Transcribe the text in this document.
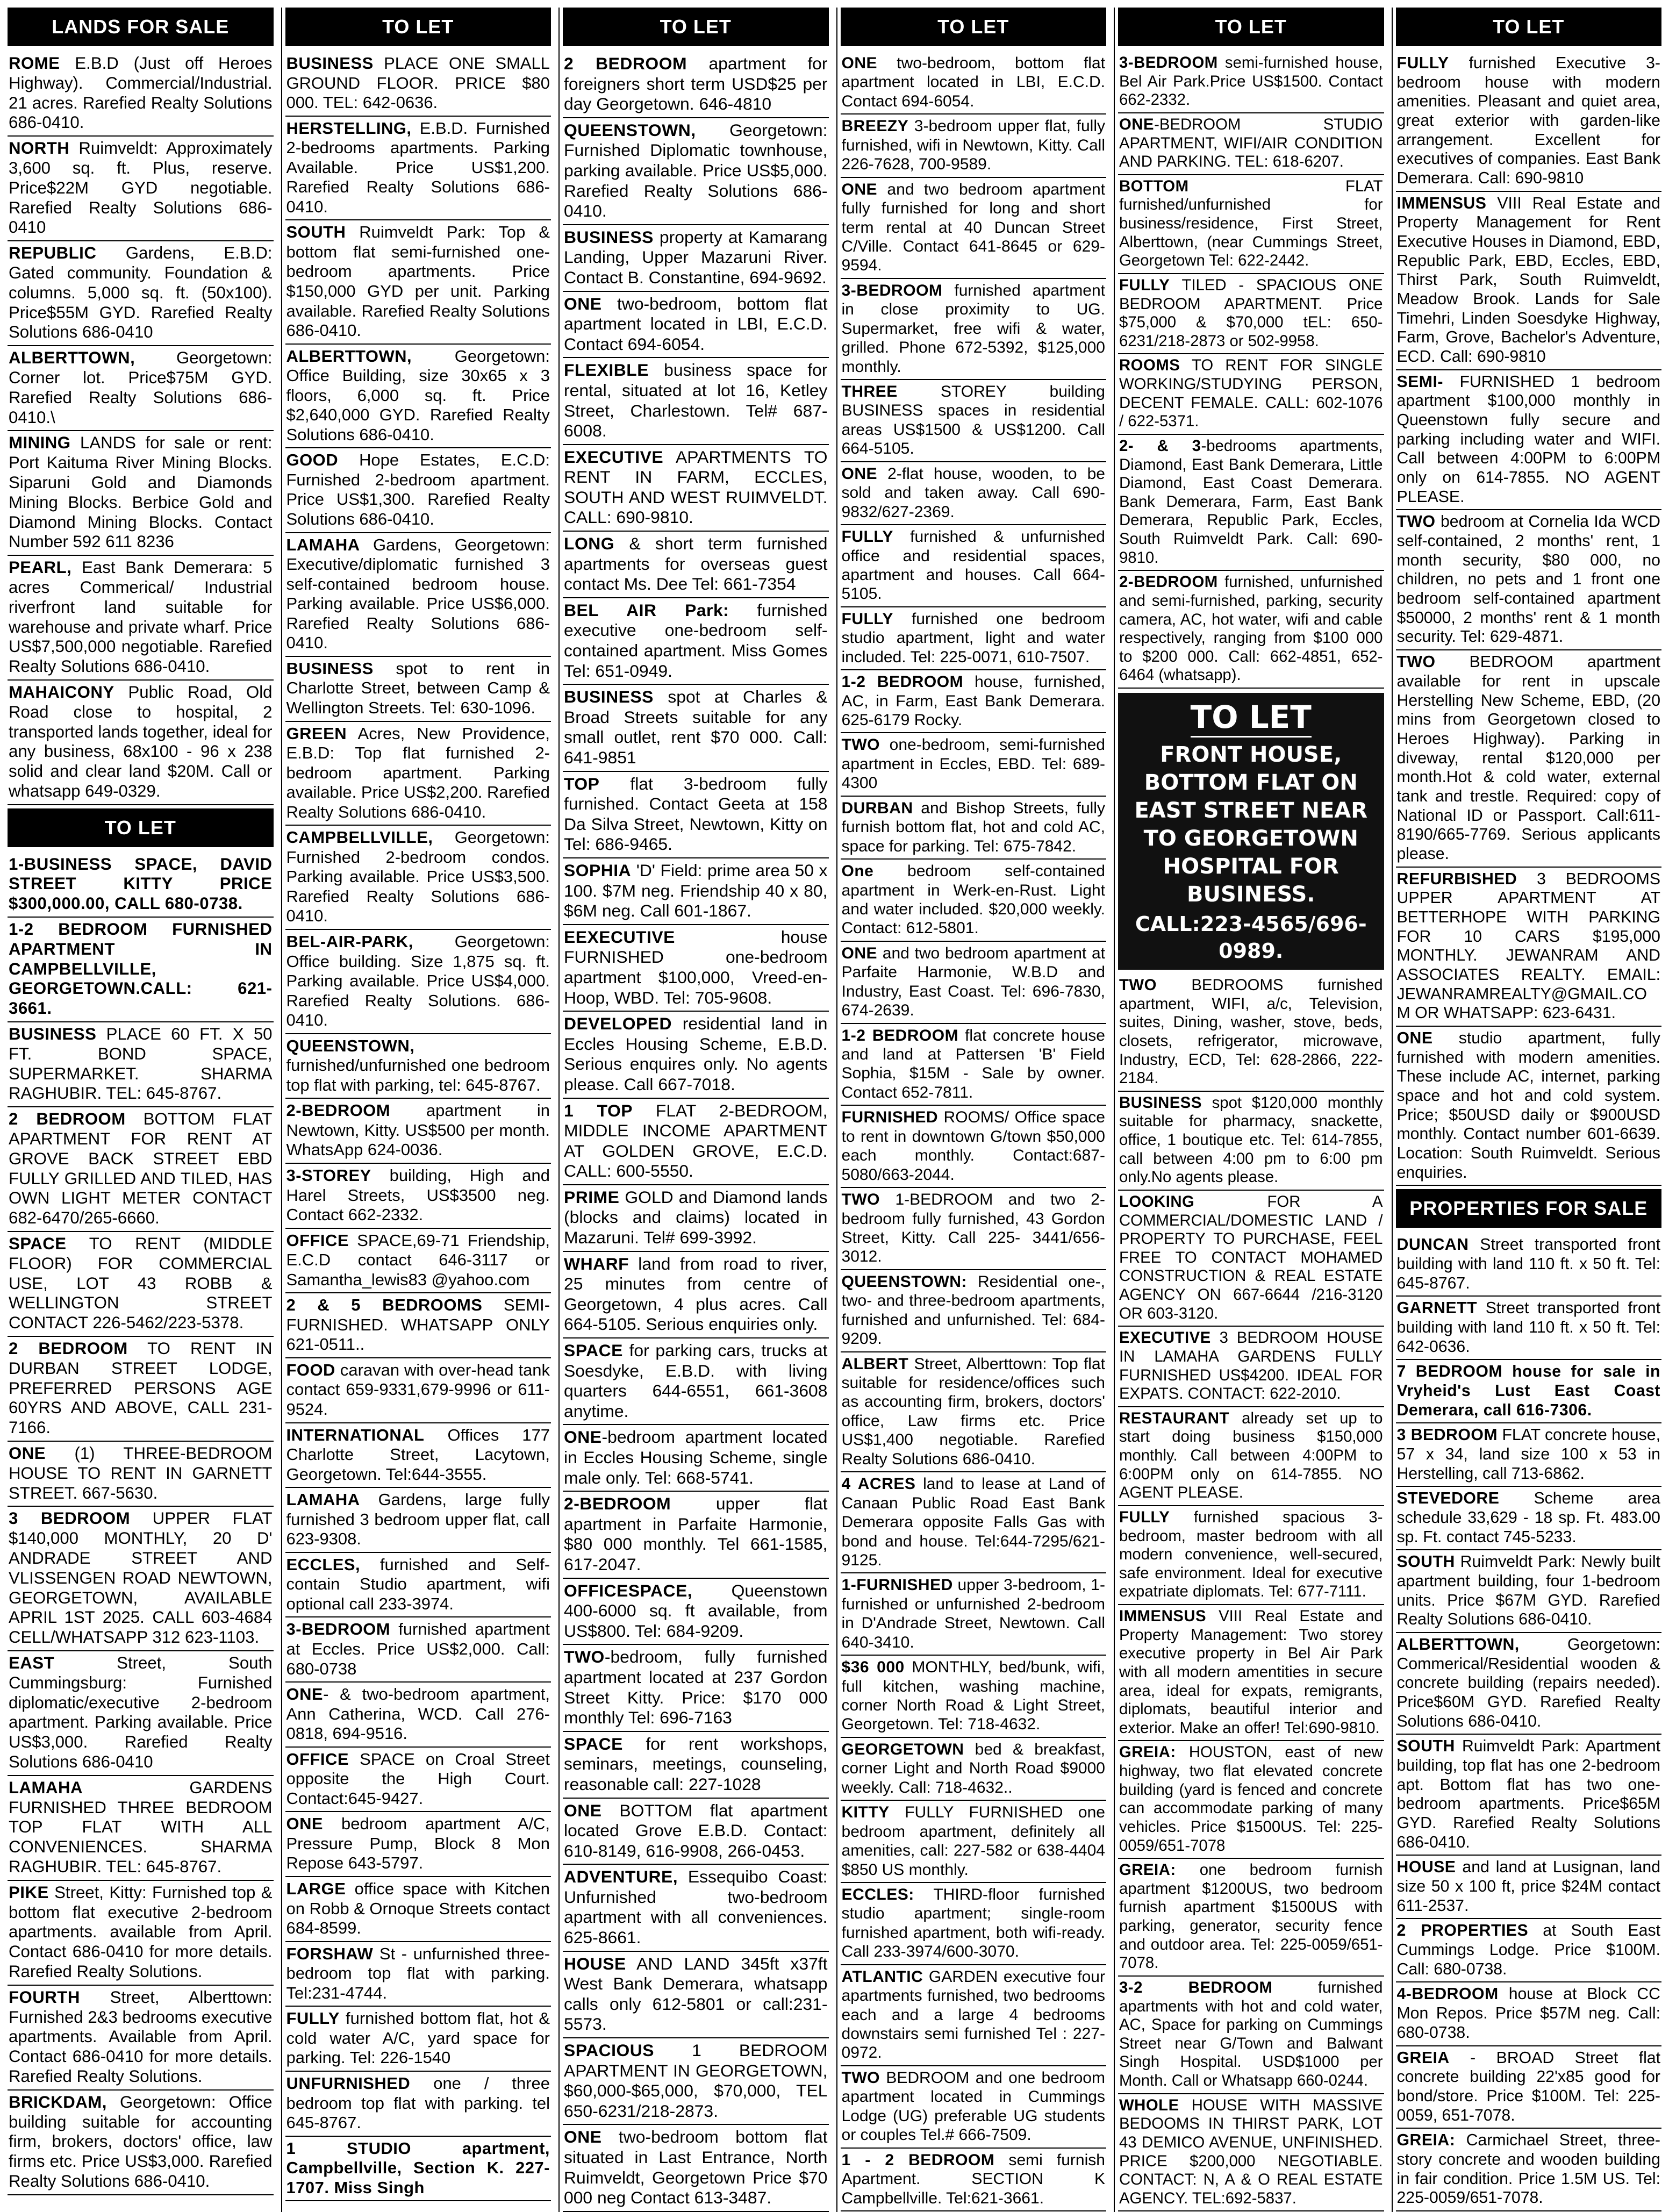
LANDS FOR SALE
ROME E.B.D (Just off Heroes Highway). Commercial/Industrial. 21 acres. Rarefied Realty Solutions 686-0410.
NORTH Ruimveldt: Approximately 3,600 sq. ft. Plus, reserve. Price$22M GYD negotiable. Rarefied Realty Solutions 686-0410
REPUBLIC Gardens, E.B.D: Gated community. Foundation & columns. 5,000 sq. ft. (50x100). Price$55M GYD. Rarefied Realty Solutions 686-0410
ALBERTTOWN, Georgetown: Corner lot. Price$75M GYD. Rarefied Realty Solutions 686-0410.\
MINING LANDS for sale or rent: Port Kaituma River Mining Blocks. Siparuni Gold and Diamonds Mining Blocks. Berbice Gold and Diamond Mining Blocks. Contact Number 592 611 8236
PEARL, East Bank Demerara: 5 acres Commerical/ Industrial riverfront land suitable for warehouse and private wharf. Price US$7,500,000 negotiable. Rarefied Realty Solutions 686-0410.
MAHAICONY Public Road, Old Road close to hospital, 2 transported lands together, ideal for any business, 68x100 - 96 x 238 solid and clear land $20M. Call or whatsapp 649-0329.
TO LET
1-BUSINESS SPACE, DAVID STREET KITTY PRICE $300,000.00, CALL 680-0738.
1-2 BEDROOM FURNISHED APARTMENT IN CAMPBELLVILLE, GEORGETOWN.CALL: 621-3661.
BUSINESS PLACE 60 FT. X 50 FT. BOND SPACE, SUPERMARKET. SHARMA RAGHUBIR. TEL: 645-8767.
2 BEDROOM BOTTOM FLAT APARTMENT FOR RENT AT GROVE BACK STREET EBD FULLY GRILLED AND TILED, HAS OWN LIGHT METER CONTACT 682-6470/265-6660.
SPACE TO RENT (MIDDLE FLOOR) FOR COMMERCIAL USE, LOT 43 ROBB & WELLINGTON STREET CONTACT 226-5462/223-5378.
2 BEDROOM TO RENT IN DURBAN STREET LODGE, PREFERRED PERSONS AGE 60YRS AND ABOVE, CALL 231-7166.
ONE (1) THREE-BEDROOM HOUSE TO RENT IN GARNETT STREET. 667-5630.
3 BEDROOM UPPER FLAT $140,000 MONTHLY, 20 D' ANDRADE STREET AND VLISSENGEN ROAD NEWTOWN, GEORGETOWN, AVAILABLE APRIL 1ST 2025. CALL 603-4684 CELL/WHATSAPP 312 623-1103.
EAST Street, South Cummingsburg: Furnished diplomatic/executive 2-bedroom apartment. Parking available. Price US$3,000. Rarefied Realty Solutions 686-0410
LAMAHA GARDENS FURNISHED THREE BEDROOM TOP FLAT WITH ALL CONVENIENCES. SHARMA RAGHUBIR. TEL: 645-8767.
PIKE Street, Kitty: Furnished top & bottom flat executive 2-bedroom apartments. available from April. Contact 686-0410 for more details. Rarefied Realty Solutions.
FOURTH Street, Alberttown: Furnished 2&3 bedrooms executive apartments. Available from April. Contact 686-0410 for more details. Rarefied Realty Solutions.
BRICKDAM, Georgetown: Office building suitable for accounting firm, brokers, doctors' office, law firms etc. Price US$3,000. Rarefied Realty Solutions 686-0410.
TO LET
BUSINESS PLACE ONE SMALL GROUND FLOOR. PRICE $80 000. TEL: 642-0636.
HERSTELLING, E.B.D. Furnished 2-bedrooms apartments. Parking Available. Price US$1,200. Rarefied Realty Solutions 686-0410.
SOUTH Ruimveldt Park: Top & bottom flat semi-furnished one-bedroom apartments. Price $150,000 GYD per unit. Parking available. Rarefied Realty Solutions 686-0410.
ALBERTTOWN, Georgetown: Office Building, size 30x65 x 3 floors, 6,000 sq. ft. Price $2,640,000 GYD. Rarefied Realty Solutions 686-0410.
GOOD Hope Estates, E.C.D: Furnished 2-bedroom apartment. Price US$1,300. Rarefied Realty Solutions 686-0410.
LAMAHA Gardens, Georgetown: Executive/diplomatic furnished 3 self-contained bedroom house. Parking available. Price US$6,000. Rarefied Realty Solutions 686-0410.
BUSINESS spot to rent in Charlotte Street, between Camp & Wellington Streets. Tel: 630-1096.
GREEN Acres, New Providence, E.B.D: Top flat furnished 2-bedroom apartment. Parking available. Price US$2,200. Rarefied Realty Solutions 686-0410.
CAMPBELLVILLE, Georgetown: Furnished 2-bedroom condos. Parking available. Price US$3,500. Rarefied Realty Solutions 686-0410.
BEL-AIR-PARK, Georgetown: Office building. Size 1,875 sq. ft. Parking available. Price US$4,000. Rarefied Realty Solutions. 686-0410.
QUEENSTOWN, furnished/unfurnished one bedroom top flat with parking, tel: 645-8767.
2-BEDROOM apartment in Newtown, Kitty. US$500 per month. WhatsApp 624-0036.
3-STOREY building, High and Harel Streets, US$3500 neg. Contact 662-2332.
OFFICE SPACE,69-71 Friendship, E.C.D contact 646-3117 or Samantha_lewis83 @yahoo.com
2 & 5 BEDROOMS SEMI-FURNISHED. WHATSAPP ONLY 621-0511..
FOOD caravan with over-head tank contact 659-9331,679-9996 or 611-9524.
INTERNATIONAL Offices 177 Charlotte Street, Lacytown, Georgetown. Tel:644-3555.
LAMAHA Gardens, large fully furnished 3 bedroom upper flat, call 623-9308.
ECCLES, furnished and Self-contain Studio apartment, wifi optional call 233-3974.
3-BEDROOM furnished apartment at Eccles. Price US$2,000. Call: 680-0738
ONE- & two-bedroom apartment, Ann Catherina, WCD. Call 276-0818, 694-9516.
OFFICE SPACE on Croal Street opposite the High Court. Contact:645-9427.
ONE bedroom apartment A/C, Pressure Pump, Block 8 Mon Repose 643-5797.
LARGE office space with Kitchen on Robb & Ornoque Streets contact 684-8599.
FORSHAW St - unfurnished three-bedroom top flat with parking. Tel:231-4744.
FULLY furnished bottom flat, hot & cold water A/C, yard space for parking. Tel: 226-1540
UNFURNISHED one / three bedroom top flat with parking. tel 645-8767.
1 STUDIO apartment, Campbellville, Section K. 227-1707. Miss Singh
TO LET
2 BEDROOM apartment for foreigners short term USD$25 per day Georgetown. 646-4810
QUEENSTOWN, Georgetown: Furnished Diplomatic townhouse, parking available. Price US$5,000. Rarefied Realty Solutions 686-0410.
BUSINESS property at Kamarang Landing, Upper Mazaruni River. Contact B. Constantine, 694-9692.
ONE two-bedroom, bottom flat apartment located in LBI, E.C.D. Contact 694-6054.
FLEXIBLE business space for rental, situated at lot 16, Ketley Street, Charlestown. Tel# 687-6008.
EXECUTIVE APARTMENTS TO RENT IN FARM, ECCLES, SOUTH AND WEST RUIMVELDT. CALL: 690-9810.
LONG & short term furnished apartments for overseas guest contact Ms. Dee Tel: 661-7354
BEL AIR Park: furnished executive one-bedroom self-contained apartment. Miss Gomes Tel: 651-0949.
BUSINESS spot at Charles & Broad Streets suitable for any small outlet, rent $70 000. Call: 641-9851
TOP flat 3-bedroom fully furnished. Contact Geeta at 158 Da Silva Street, Newtown, Kitty on Tel: 686-9465.
SOPHIA 'D' Field: prime area 50 x 100. $7M neg. Friendship 40 x 80, $6M neg. Call 601-1867.
EEXECUTIVE house FURNISHED one-bedroom apartment $100,000, Vreed-en-Hoop, WBD. Tel: 705-9608.
DEVELOPED residential land in Eccles Housing Scheme, E.B.D. Serious enquires only. No agents please. Call 667-7018.
1 TOP FLAT 2-BEDROOM, MIDDLE INCOME APARTMENT AT GOLDEN GROVE, E.C.D. CALL: 600-5550.
PRIME GOLD and Diamond lands (blocks and claims) located in Mazaruni. Tel# 699-3992.
WHARF land from road to river, 25 minutes from centre of Georgetown, 4 plus acres. Call 664-5105. Serious enquiries only.
SPACE for parking cars, trucks at Soesdyke, E.B.D. with living quarters 644-6551, 661-3608 anytime.
ONE-bedroom apartment located in Eccles Housing Scheme, single male only. Tel: 668-5741.
2-BEDROOM upper flat apartment in Parfaite Harmonie, $80 000 monthly. Tel 661-1585, 617-2047.
OFFICESPACE, Queenstown 400-6000 sq. ft available, from US$800. Tel: 684-9209.
TWO-bedroom, fully furnished apartment located at 237 Gordon Street Kitty. Price: $170 000 monthly Tel: 696-7163
SPACE for rent workshops, seminars, meetings, counseling, reasonable call: 227-1028
ONE BOTTOM flat apartment located Grove E.B.D. Contact: 610-8149, 616-9908, 266-0453.
ADVENTURE, Essequibo Coast: Unfurnished two-bedroom apartment with all conveniences. 625-8661.
HOUSE AND LAND 345ft x37ft West Bank Demerara, whatsapp calls only 612-5801 or call:231-5573.
SPACIOUS 1 BEDROOM APARTMENT IN GEORGETOWN, $60,000-$65,000, $70,000, TEL 650-6231/218-2873.
ONE two-bedroom bottom flat situated in Last Entrance, North Ruimveldt, Georgetown Price $70 000 neg Contact 613-3487.
TO LET
ONE two-bedroom, bottom flat apartment located in LBI, E.C.D. Contact 694-6054.
BREEZY 3-bedroom upper flat, fully furnished, wifi in Newtown, Kitty. Call 226-7628, 700-9589.
ONE and two bedroom apartment fully furnished for long and short term rental at 40 Duncan Street C/Ville. Contact 641-8645 or 629-9594.
3-BEDROOM furnished apartment in close proximity to UG. Supermarket, free wifi & water, grilled. Phone 672-5392, $125,000 monthly.
THREE STOREY building BUSINESS spaces in residential areas US$1500 & US$1200. Call 664-5105.
ONE 2-flat house, wooden, to be sold and taken away. Call 690-9832/627-2369.
FULLY furnished & unfurnished office and residential spaces, apartment and houses. Call 664-5105.
FULLY furnished one bedroom studio apartment, light and water included. Tel: 225-0071, 610-7507.
1-2 BEDROOM house, furnished, AC, in Farm, East Bank Demerara. 625-6179 Rocky.
TWO one-bedroom, semi-furnished apartment in Eccles, EBD. Tel: 689-4300
DURBAN and Bishop Streets, fully furnish bottom flat, hot and cold AC, space for parking. Tel: 675-7842.
One bedroom self-contained apartment in Werk-en-Rust. Light and water included. $20,000 weekly. Contact: 612-5801.
ONE and two bedroom apartment at Parfaite Harmonie, W.B.D and Industry, East Coast. Tel: 696-7830, 674-2639.
1-2 BEDROOM flat concrete house and land at Pattersen 'B' Field Sophia, $15M - Sale by owner. Contact 652-7811.
FURNISHED ROOMS/ Office space to rent in downtown G/town $50,000 each monthly. Contact:687-5080/663-2044.
TWO 1-BEDROOM and two 2-bedroom fully furnished, 43 Gordon Street, Kitty. Call 225- 3441/656-3012.
QUEENSTOWN: Residential one-, two- and three-bedroom apartments, furnished and unfurnished. Tel: 684-9209.
ALBERT Street, Alberttown: Top flat suitable for residence/offices such as accounting firm, brokers, doctors' office, Law firms etc. Price US$1,400 negotiable. Rarefied Realty Solutions 686-0410.
4 ACRES land to lease at Land of Canaan Public Road East Bank Demerara opposite Falls Gas with bond and house. Tel:644-7295/621-9125.
1-FURNISHED upper 3-bedroom, 1-furnished or unfurnished 2-bedroom in D'Andrade Street, Newtown. Call 640-3410.
$36 000 MONTHLY, bed/bunk, wifi, full kitchen, washing machine, corner North Road & Light Street, Georgetown. Tel: 718-4632.
GEORGETOWN bed & breakfast, corner Light and North Road $9000 weekly. Call: 718-4632..
KITTY FULLY FURNISHED one bedroom apartment, definitely all amenities, call: 227-582 or 638-4404 $850 US monthly.
ECCLES: THIRD-floor furnished studio apartment; single-room furnished apartment, both wifi-ready. Call 233-3974/600-3070.
ATLANTIC GARDEN executive four apartments furnished, two bedrooms each and a large 4 bedrooms downstairs semi furnished Tel : 227-0972.
TWO BEDROOM and one bedroom apartment located in Cummings Lodge (UG) preferable UG students or couples Tel.# 666-7509.
1 - 2 BEDROOM semi furnish Apartment. SECTION K Campbellville. Tel:621-3661.
TO LET
3-BEDROOM semi-furnished house, Bel Air Park.Price US$1500. Contact 662-2332.
ONE-BEDROOM STUDIO APARTMENT, WIFI/AIR CONDITION AND PARKING. TEL: 618-6207.
BOTTOM FLAT furnished/unfurnished for business/residence, First Street, Alberttown, (near Cummings Street, Georgetown Tel: 622-2442.
FULLY TILED - SPACIOUS ONE BEDROOM APARTMENT. Price $75,000 & $70,000 tEL: 650-6231/218-2873 or 502-9958.
ROOMS TO RENT FOR SINGLE WORKING/STUDYING PERSON, DECENT FEMALE. CALL: 602-1076 / 622-5371.
2- & 3-bedrooms apartments, Diamond, East Bank Demerara, Little Diamond, East Coast Demerara. Bank Demerara, Farm, East Bank Demerara, Republic Park, Eccles, South Ruimveldt Park. Call: 690-9810.
2-BEDROOM furnished, unfurnished and semi-furnished, parking, security camera, AC, hot water, wifi and cable respectively, ranging from $100 000 to $200 000. Call: 662-4851, 652-6464 (whatsapp).
TO LET
FRONT HOUSE, BOTTOM FLAT ON EAST STREET NEAR TO GEORGETOWN HOSPITAL FOR BUSINESS.
CALL:223-4565/696-0989.
TWO BEDROOMS furnished apartment, WIFI, a/c, Television, suites, Dining, washer, stove, beds, closets, refrigerator, microwave, Industry, ECD, Tel: 628-2866, 222-2184.
BUSINESS spot $120,000 monthly suitable for pharmacy, snackette, office, 1 boutique etc. Tel: 614-7855, call between 4:00 pm to 6:00 pm only.No agents please.
LOOKING FOR A COMMERCIAL/DOMESTIC LAND / PROPERTY TO PURCHASE, FEEL FREE TO CONTACT MOHAMED CONSTRUCTION & REAL ESTATE AGENCY ON 667-6644 /216-3120 OR 603-3120.
EXECUTIVE 3 BEDROOM HOUSE IN LAMAHA GARDENS FULLY FURNISHED US$4200. IDEAL FOR EXPATS. CONTACT: 622-2010.
RESTAURANT already set up to start doing business $150,000 monthly. Call between 4:00PM to 6:00PM only on 614-7855. NO AGENT PLEASE.
FULLY furnished spacious 3-bedroom, master bedroom with all modern convenience, well-secured, safe environment. Ideal for executive expatriate diplomats. Tel: 677-7111.
IMMENSUS VIII Real Estate and Property Management: Two storey executive property in Bel Air Park with all modern amentities in secure area, ideal for expats, remigrants, diplomats, beautiful interior and exterior. Make an offer! Tel:690-9810.
GREIA: HOUSTON, east of new highway, two flat elevated concrete building (yard is fenced and concrete can accommodate parking of many vehicles. Price $1500US. Tel: 225-0059/651-7078
GREIA: one bedroom furnish apartment $1200US, two bedroom furnish apartment $1500US with parking, generator, security fence and outdoor area. Tel: 225-0059/651-7078.
3-2 BEDROOM furnished apartments with hot and cold water, AC, Space for parking on Cummings Street near G/Town and Balwant Singh Hospital. USD$1000 per Month. Call or Whatsapp 660-0244.
WHOLE HOUSE WITH MASSIVE BEDOOMS IN THIRST PARK, LOT 43 DEMICO AVENUE, UNFINISHED. PRICE $200,000 NEGOTIABLE. CONTACT: N, A & O REAL ESTATE AGENCY. TEL:692-5837.
TO LET
FULLY furnished Executive 3- bedroom house with modern amenities. Pleasant and quiet area, great exterior with garden-like arrangement. Excellent for executives of companies. East Bank Demerara. Call: 690-9810
IMMENSUS VIII Real Estate and Property Management for Rent Executive Houses in Diamond, EBD, Republic Park, EBD, Eccles, EBD, Thirst Park, South Ruimveldt, Meadow Brook. Lands for Sale Timehri, Linden Soesdyke Highway, Farm, Grove, Bachelor's Adventure, ECD. Call: 690-9810
SEMI- FURNISHED 1 bedroom apartment $100,000 monthly in Queenstown fully secure and parking including water and WIFI. Call between 4:00PM to 6:00PM only on 614-7855. NO AGENT PLEASE.
TWO bedroom at Cornelia Ida WCD self-contained, 2 months' rent, 1 month security, $80 000, no children, no pets and 1 front one bedroom self-contained apartment $50000, 2 months' rent & 1 month security. Tel: 629-4871.
TWO BEDROOM apartment available for rent in upscale Herstelling New Scheme, EBD, (20 mins from Georgetown closed to Heroes Highway). Parking in diveway, rental $120,000 per month.Hot & cold water, external tank and trestle. Required: copy of National ID or Passport. Call:611-8190/665-7769. Serious applicants please.
REFURBISHED 3 BEDROOMS UPPER APARTMENT AT BETTERHOPE WITH PARKING FOR 10 CARS $195,000 MONTHLY. JEWANRAM AND ASSOCIATES REALTY. EMAIL: JEWANRAMREALTY@GMAIL.COM OR WHATSAPP: 623-6431.
ONE studio apartment, fully furnished with modern amenities. These include AC, internet, parking space and hot and cold system. Price; $50USD daily or $900USD monthly. Contact number 601-6639. Location: South Ruimveldt. Serious enquiries.
PROPERTIES FOR SALE
DUNCAN Street transported front building with land 110 ft. x 50 ft. Tel: 645-8767.
GARNETT Street transported front building with land 110 ft. x 50 ft. Tel: 642-0636.
7 BEDROOM house for sale in Vryheid's Lust East Coast Demerara, call 616-7306.
3 BEDROOM FLAT concrete house, 57 x 34, land size 100 x 53 in Herstelling, call 713-6862.
STEVEDORE Scheme area schedule 33,629 - 18 sp. Ft. 483.00 sp. Ft. contact 745-5233.
SOUTH Ruimveldt Park: Newly built apartment building, four 1-bedroom units. Price $67M GYD. Rarefied Realty Solutions 686-0410.
ALBERTTOWN, Georgetown: Commerical/Residential wooden & concrete building (repairs needed). Price$60M GYD. Rarefied Realty Solutions 686-0410.
SOUTH Ruimveldt Park: Apartment building, top flat has one 2-bedroom apt. Bottom flat has two one-bedroom apartments. Price$65M GYD. Rarefied Realty Solutions 686-0410.
HOUSE and land at Lusignan, land size 50 x 100 ft, price $24M contact 611-2537.
2 PROPERTIES at South East Cummings Lodge. Price $100M. Call: 680-0738.
4-BEDROOM house at Block CC Mon Repos. Price $57M neg. Call: 680-0738.
GREIA - BROAD Street flat concrete building 22'x85 good for bond/store. Price $100M. Tel: 225-0059, 651-7078.
GREIA: Carmichael Street, three-story concrete and wooden building in fair condition. Price 1.5M US. Tel: 225-0059/651-7078.
